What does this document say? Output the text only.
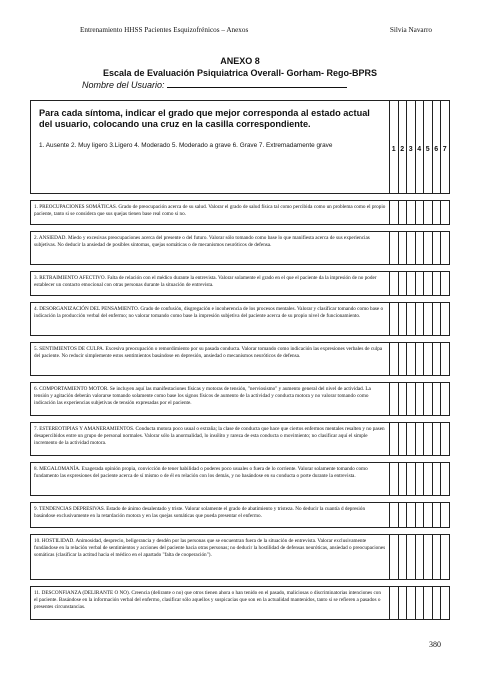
Entrenamiento HHSS Pacientes Esquizofrénicos – Anexos	Silvia Navarro
ANEXO 8
Escala de Evaluación Psiquiatrica Overall- Gorham- Rego-BPRS
Nombre del Usuario:
Para cada síntoma, indicar el grado que mejor corresponda al estado actual del usuario, colocando una cruz en la casilla correspondiente.
1. Ausente 2. Muy ligero 3.Ligero 4. Moderado 5. Moderado a grave 6. Grave 7. Extremadamente grave
1 2 3 4 5 6 7
1. PREOCUPACIONES SOMÁTICAS. Grado de preocupación acerca de su salud. Valorar el grado de salud física tal como percibida como un problema como el propio paciente, tanto si se considera que sus quejas tienen base real como si no.
2. ANSIEDAD. Miedo y excesivas preocupaciones acerca del presente o del futuro. Valorar sólo tomando como base lo que manifiesta acerca de sus experiencias subjetivas. No deducir la ansiedad de posibles síntomas, quejas somáticas o de mecanismos neuróticos de defensa.
3. RETRAIMIENTO AFECTIVO. Falta de relación con el médico durante la entrevista. Valorar solamente el grado en el que el paciente da la impresión de no poder establecer un contacto emocional con otras personas durante la situación de entrevista.
4. DESORGANIZACIÓN DEL PENSAMIENTO. Grado de confusión, disgregación e incoherencia de los procesos mentales. Valorar y clasificar tomando como base o indicación la producción verbal del enfermo; no valorar tomando como base la impresión subjetiva del paciente acerca de su propio nivel de funcionamiento.
5. SENTIMIENTOS DE CULPA. Excesiva preocupación o remordimiento por su pasada conducta. Valorar tomando como indicación las expresiones verbales de culpa del paciente. No reducir simplemente estos sentimientos basándose en depresión, ansiedad o mecanismos neuróticos de defensa.
6. COMPORTAMIENTO MOTOR. Se incluyen aquí las manifestaciones físicas y motoras de tensión, "nerviosismo" y aumento general del nivel de actividad. La tensión y agitación deberán valorarse tomando solamente como base los signos físicos de aumento de la actividad y conducta motora y no valorar tomando como indicación las experiencias subjetivas de tensión expresadas por el paciente.
7. ESTEREOTIPIAS Y AMANERAMIENTOS. Conducta motora poco usual o extraña; la clase de conducta que hace que ciertos enfermos mentales resalten y no pasen desapercibidos entre un grupo de personal normales. Valorar sólo la anormalidad, lo insólito y rareza de esta conducta o movimiento; no clasificar aquí el simple incremento de la actividad motora.
8. MEGALOMANÍA. Exagerada opinión propia, convicción de tener habilidad o poderes poco usuales o fuera de lo corriente. Valorar solamente tomando como fundamento las expresiones del paciente acerca de sí mismo o de él en relación con los demás, y no basándose en su conducta o porte durante la entrevista.
9. TENDENCIAS DEPRESIVAS. Estado de ánimo desalentado y triste. Valorar solamente el grado de abatimiento y tristeza. No deducir la cuantía d depresión basándose exclusivamente en la retardación motora y en las quejas somáticas que pueda presentar el enfermo.
10. HOSTILIDAD. Animosidad, desprecio, beligerancia y desdén por las personas que se encuentran fuera de la situación de entrevista. Valorar exclusivamente fundándose en la relación verbal de sentimientos y acciones del paciente hacia otras personas; no deducir la hostilidad de defensas neuróticas, ansiedad o preocupaciones somáticas (clasificar la actitud hacia el médico en el apartado "falta de cooperación").
11. DESCONFIANZA (DELIRANTE O NO). Creencia (delirante o no) que otros tienen ahora o han tenido en el pasado, maliciosas o discriminatorias intenciones con el paciente. Basándose en la información verbal del enfermo, clasificar sólo aquellos y suspicacias que son en la actualidad mantenidos, tanto si se refieren a pasados o presentes circunstancias.
380
